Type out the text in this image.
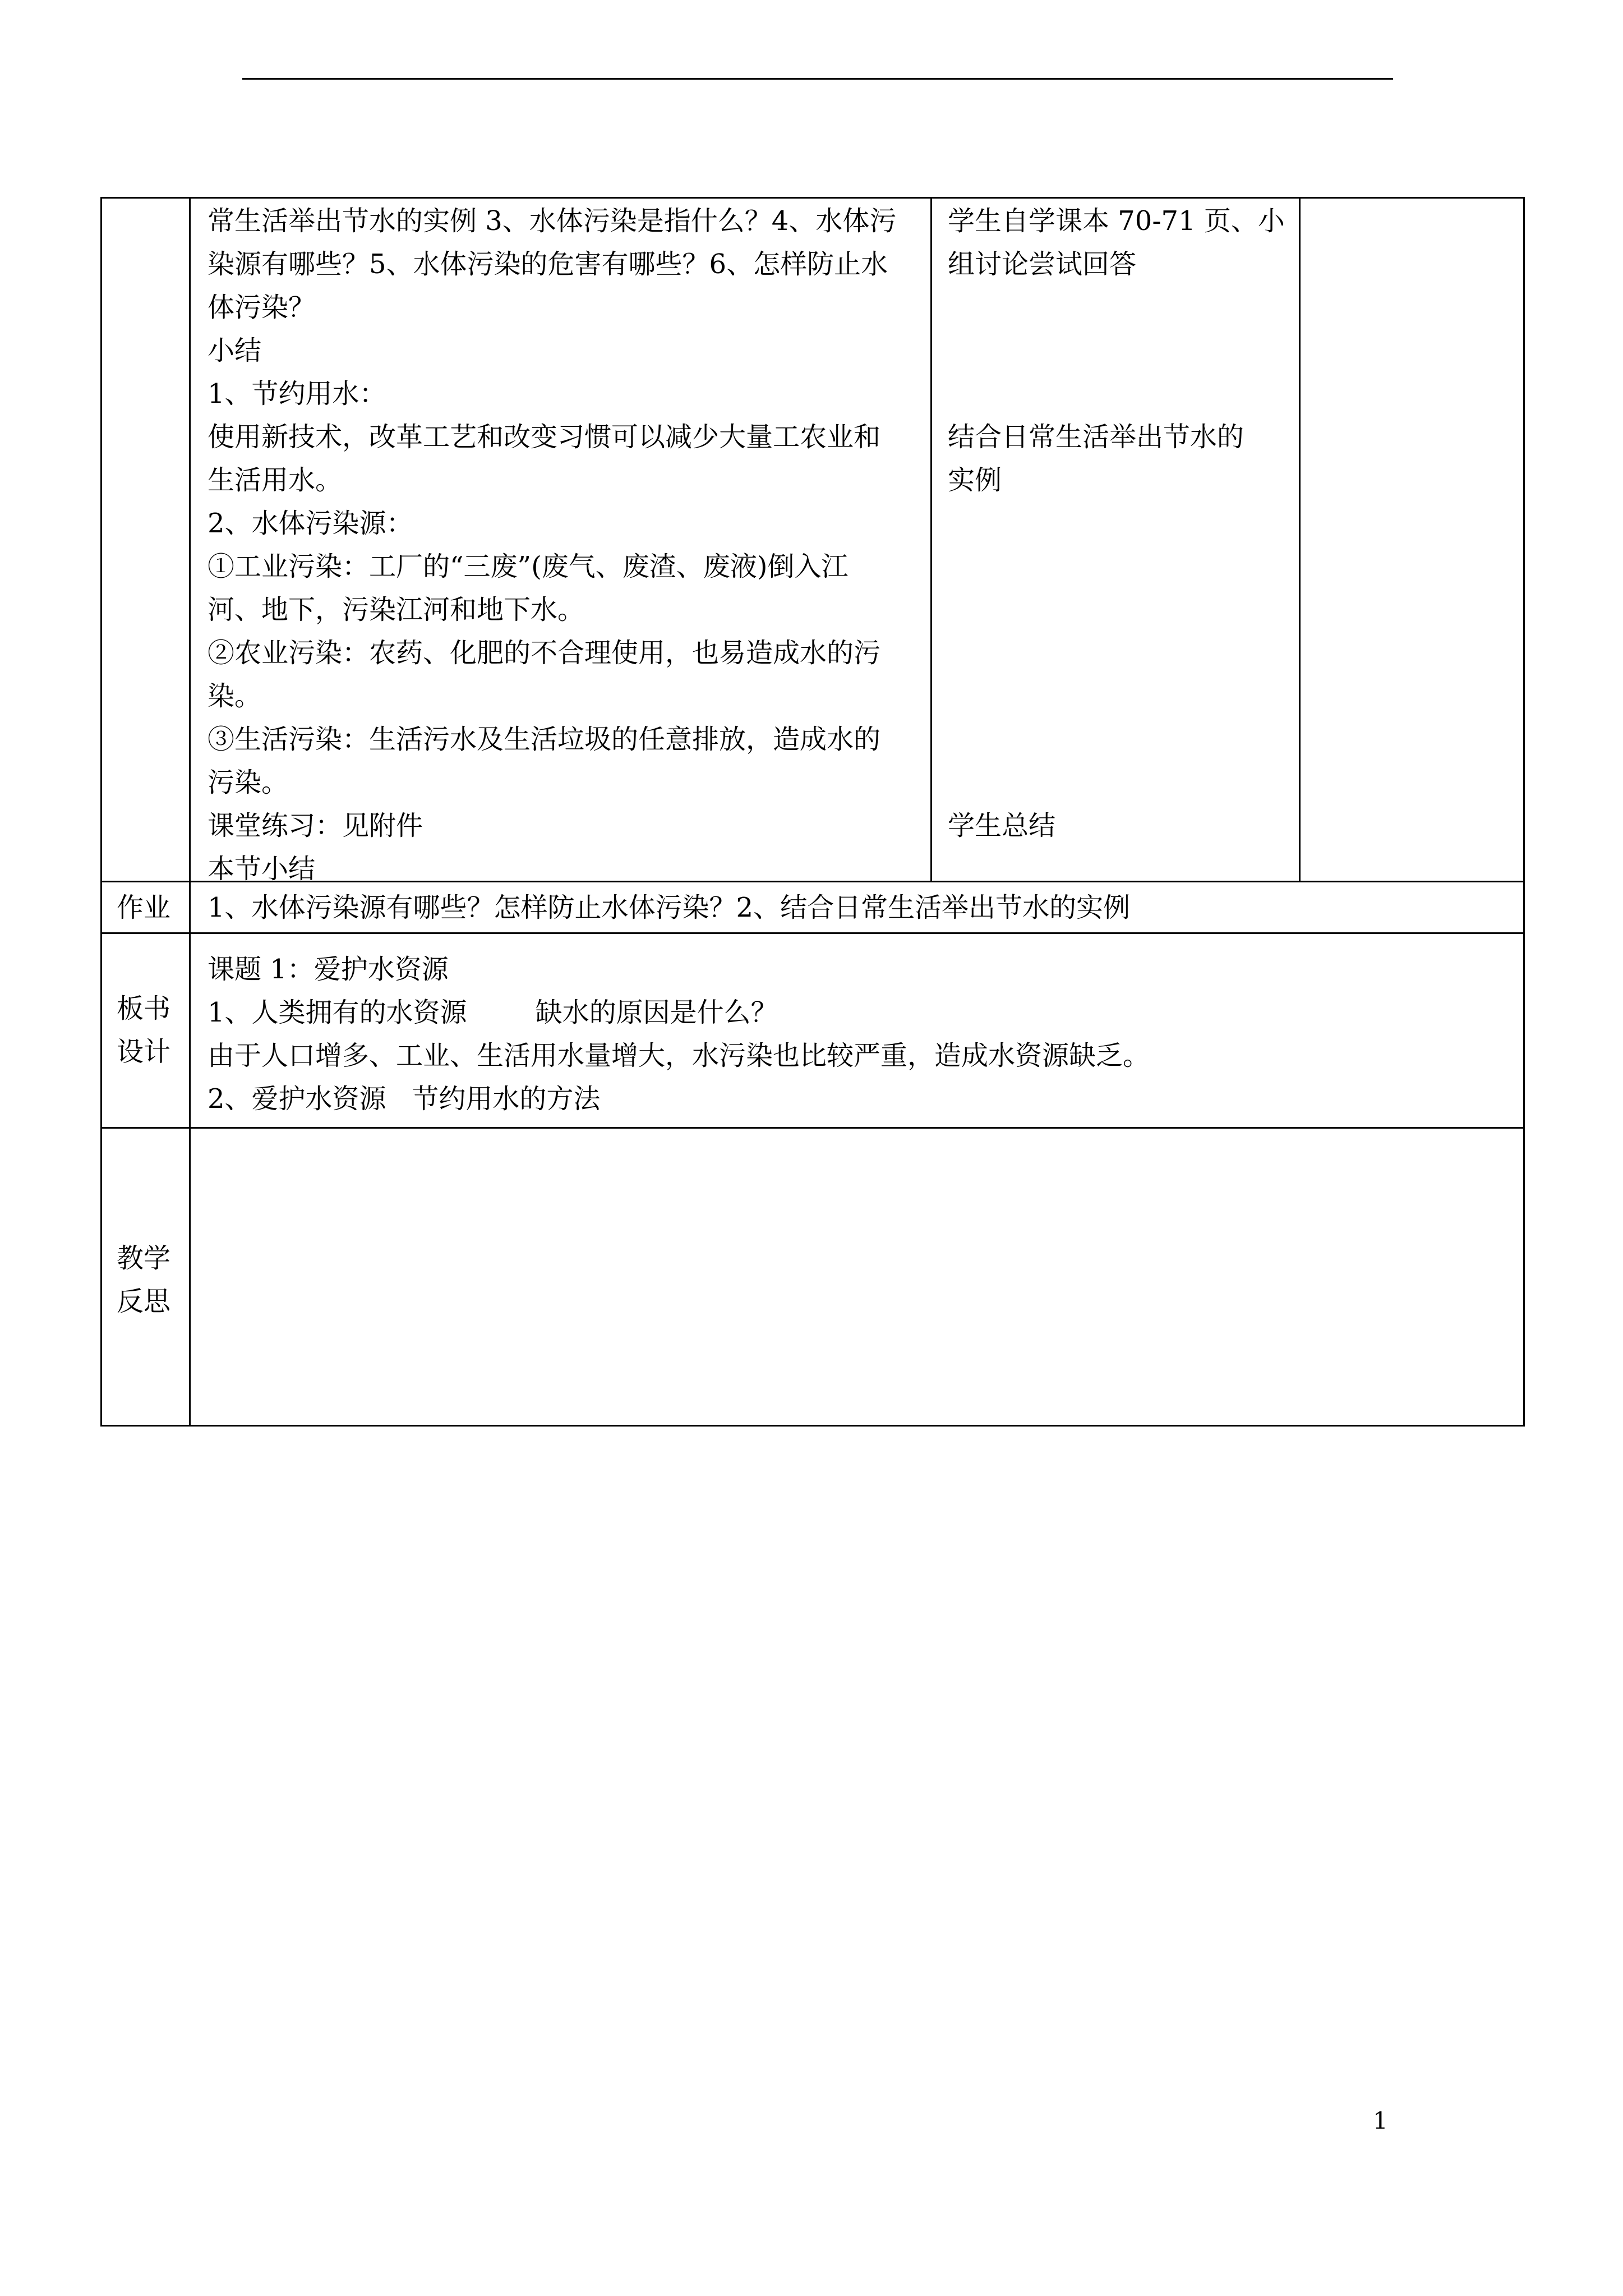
常生活举出节水的实例 3、水体污染是指什么？4、水体污
染源有哪些？5、水体污染的危害有哪些？6、怎样防止水
体污染？
小结
1、节约用水：
使用新技术，改革工艺和改变习惯可以减少大量工农业和
生活用水。
2、水体污染源：
①工业污染：工厂的“三废”(废气、废渣、废液)倒入江
河、地下，污染江河和地下水。
②农业污染：农药、化肥的不合理使用，也易造成水的污
染。
③生活污染：生活污水及生活垃圾的任意排放，造成水的
污染。
课堂练习：见附件
本节小结
学生自学课本 70-71 页、小
组讨论尝试回答
结合日常生活举出节水的
实例
学生总结
作业 1、水体污染源有哪些？怎样防止水体污染？2、结合日常生活举出节水的实例
板书
设计
课题 1：爱护水资源
1、人类拥有的水资源        缺水的原因是什么？
由于人口增多、工业、生活用水量增大，水污染也比较严重，造成水资源缺乏。
2、爱护水资源   节约用水的方法
教学
反思
1
